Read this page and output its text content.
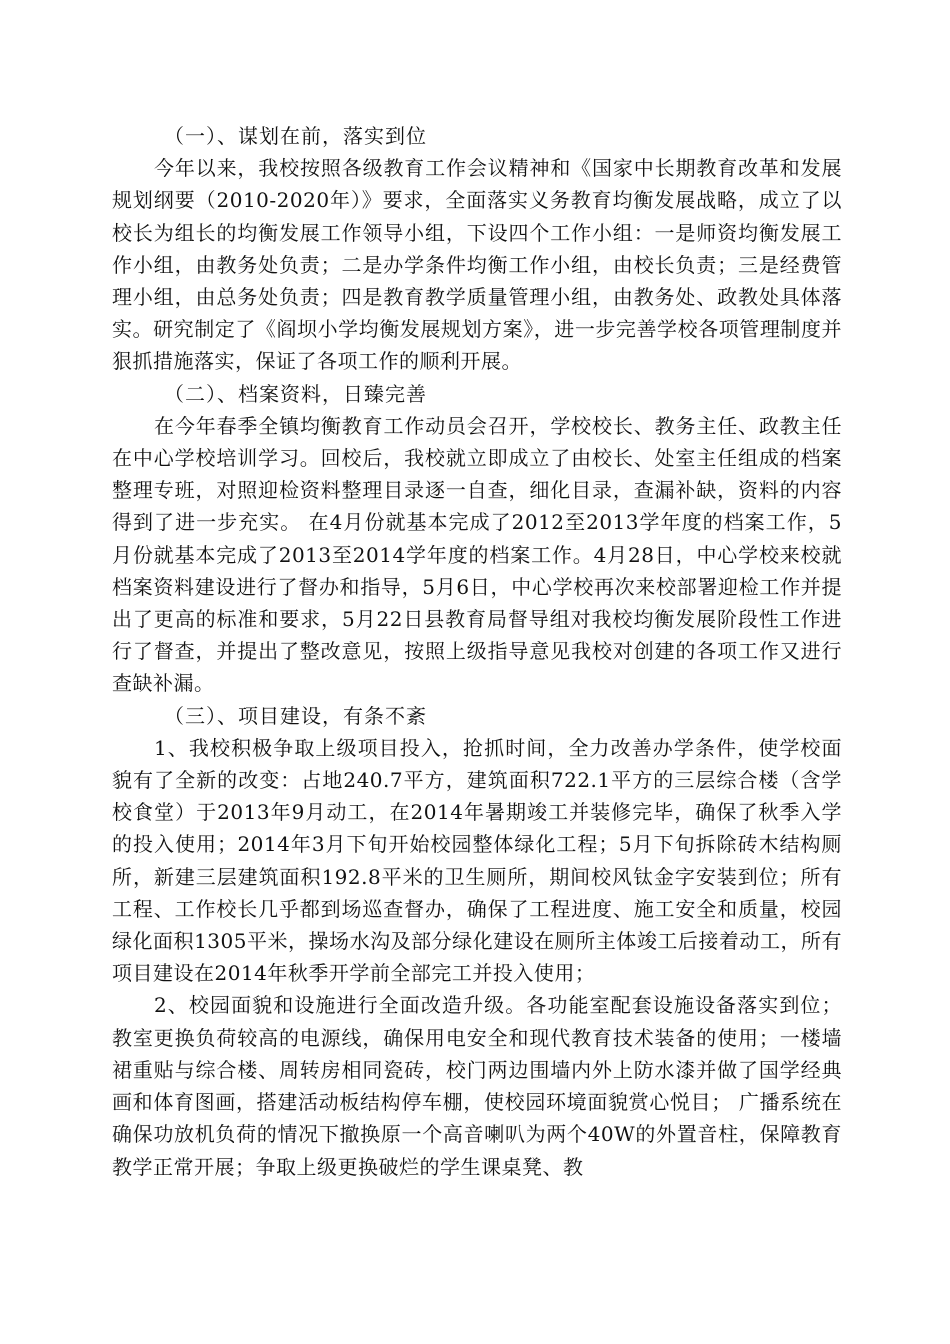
（一）、谋划在前，落实到位

今年以来，我校按照各级教育工作会议精神和《国家中长期教育改革和发展规划纲要（2010-2020年）》要求，全面落实义务教育均衡发展战略，成立了以校长为组长的均衡发展工作领导小组，下设四个工作小组：一是师资均衡发展工作小组，由教务处负责；二是办学条件均衡工作小组，由校长负责；三是经费管理小组，由总务处负责；四是教育教学质量管理小组，由教务处、政教处具体落实。研究制定了《阎坝小学均衡发展规划方案》，进一步完善学校各项管理制度并狠抓措施落实，保证了各项工作的顺利开展。

（二）、档案资料，日臻完善

在今年春季全镇均衡教育工作动员会召开，学校校长、教务主任、政教主任在中心学校培训学习。回校后，我校就立即成立了由校长、处室主任组成的档案整理专班，对照迎检资料整理目录逐一自查，细化目录，查漏补缺，资料的内容得到了进一步充实。 在4月份就基本完成了2012至2013学年度的档案工作，5月份就基本完成了2013至2014学年度的档案工作。4月28日，中心学校来校就档案资料建设进行了督办和指导，5月6日，中心学校再次来校部署迎检工作并提出了更高的标准和要求，5月22日县教育局督导组对我校均衡发展阶段性工作进行了督查，并提出了整改意见，按照上级指导意见我校对创建的各项工作又进行查缺补漏。

（三）、项目建设，有条不紊

1、我校积极争取上级项目投入，抢抓时间，全力改善办学条件，使学校面貌有了全新的改变：占地240.7平方，建筑面积722.1平方的三层综合楼（含学校食堂）于2013年9月动工，在2014年暑期竣工并装修完毕，确保了秋季入学的投入使用；2014年3月下旬开始校园整体绿化工程；5月下旬拆除砖木结构厕所，新建三层建筑面积192.8平米的卫生厕所，期间校风钛金字安装到位；所有工程、工作校长几乎都到场巡查督办，确保了工程进度、施工安全和质量，校园绿化面积1305平米，操场水沟及部分绿化建设在厕所主体竣工后接着动工，所有项目建设在2014年秋季开学前全部完工并投入使用；

2、校园面貌和设施进行全面改造升级。各功能室配套设施设备落实到位；教室更换负荷较高的电源线，确保用电安全和现代教育技术装备的使用；一楼墙裙重贴与综合楼、周转房相同瓷砖，校门两边围墙内外上防水漆并做了国学经典画和体育图画，搭建活动板结构停车棚，使校园环境面貌赏心悦目； 广播系统在确保功放机负荷的情况下撤换原一个高音喇叭为两个40W的外置音柱，保障教育教学正常开展；争取上级更换破烂的学生课桌凳、教
